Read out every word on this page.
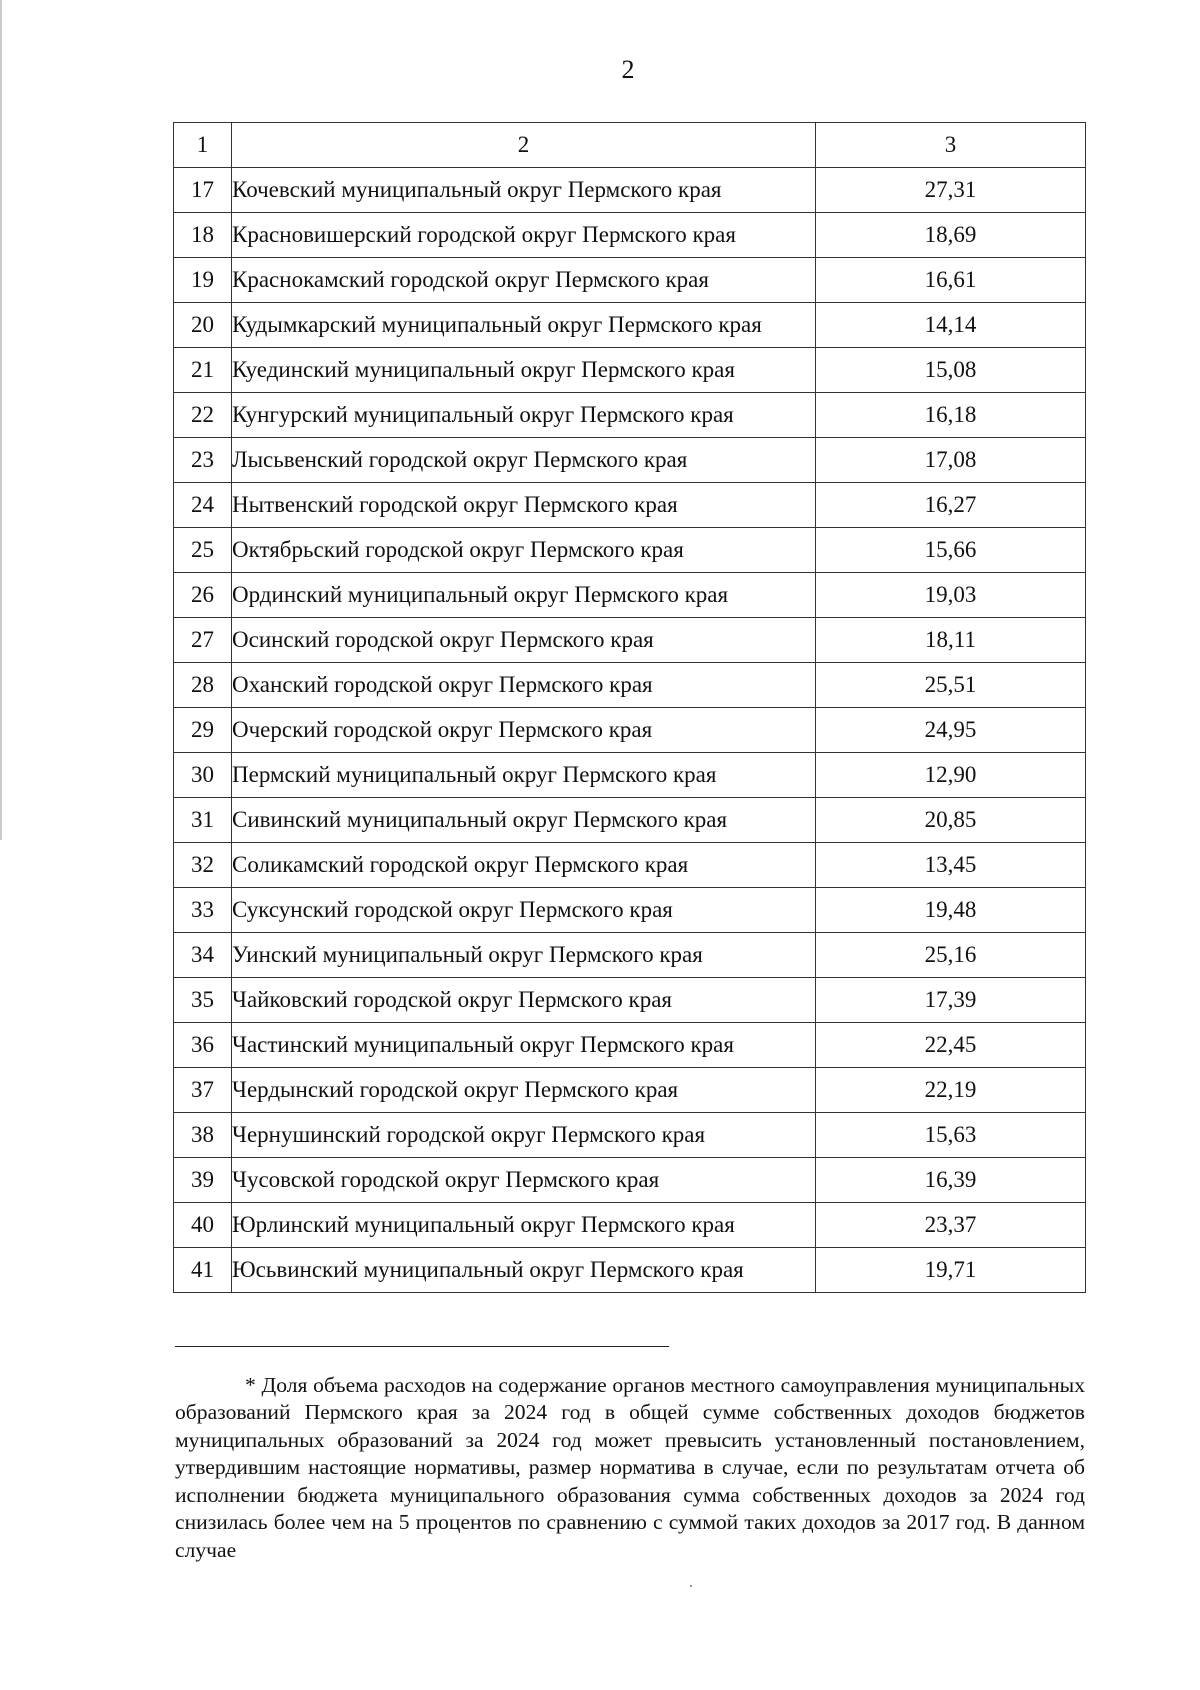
2
1	2	3
17	Кочевский муниципальный округ Пермского края	27,31
18	Красновишерский городской округ Пермского края	18,69
19	Краснокамский городской округ Пермского края	16,61
20	Кудымкарский муниципальный округ Пермского края	14,14
21	Куединский муниципальный округ Пермского края	15,08
22	Кунгурский муниципальный округ Пермского края	16,18
23	Лысьвенский городской округ Пермского края	17,08
24	Нытвенский городской округ Пермского края	16,27
25	Октябрьский городской округ Пермского края	15,66
26	Ординский муниципальный округ Пермского края	19,03
27	Осинский городской округ Пермского края	18,11
28	Оханский городской округ Пермского края	25,51
29	Очерский городской округ Пермского края	24,95
30	Пермский муниципальный округ Пермского края	12,90
31	Сивинский муниципальный округ Пермского края	20,85
32	Соликамский городской округ Пермского края	13,45
33	Суксунский городской округ Пермского края	19,48
34	Уинский муниципальный округ Пермского края	25,16
35	Чайковский городской округ Пермского края	17,39
36	Частинский муниципальный округ Пермского края	22,45
37	Чердынский городской округ Пермского края	22,19
38	Чернушинский городской округ Пермского края	15,63
39	Чусовской городской округ Пермского края	16,39
40	Юрлинский муниципальный округ Пермского края	23,37
41	Юсьвинский муниципальный округ Пермского края	19,71

* Доля объема расходов на содержание органов местного самоуправления муниципальных образований Пермского края за 2024 год в общей сумме собственных доходов бюджетов муниципальных образований за 2024 год может превысить установленный постановлением, утвердившим настоящие нормативы, размер норматива в случае, если по результатам отчета об исполнении бюджета муниципального образования сумма собственных доходов за 2024 год снизилась более чем на 5 процентов по сравнению с суммой таких доходов за 2017 год. В данном случае
